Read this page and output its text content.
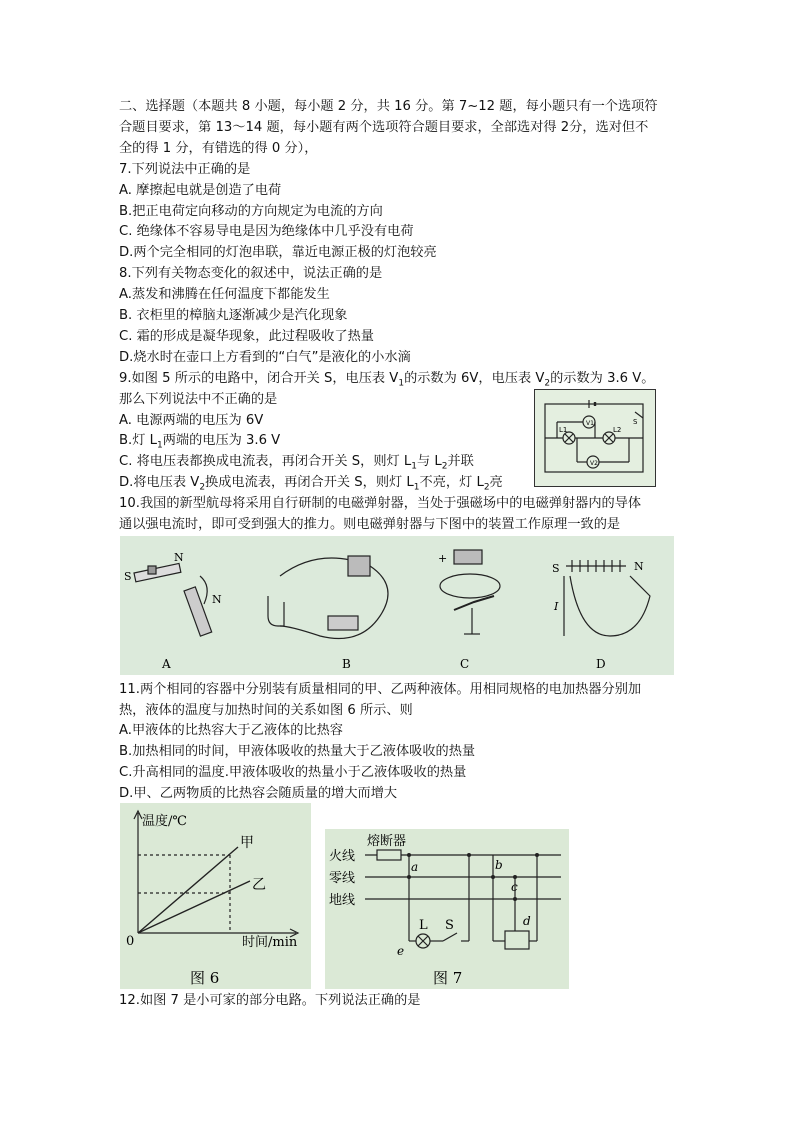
二、选择题（本题共 8 小题，每小题 2 分，共 16 分。第 7~12 题，每小题只有一个选项符
合题目要求，第 13～14 题，每小题有两个选项符合题目要求，全部选对得 2分，选对但不
全的得 1 分，有错选的得 0 分），
7.下列说法中正确的是
A. 摩擦起电就是创造了电荷
B.把正电荷定向移动的方向规定为电流的方向
C. 绝缘体不容易导电是因为绝缘体中几乎没有电荷
D.两个完全相同的灯泡串联，靠近电源正极的灯泡较亮
8.下列有关物态变化的叙述中，说法正确的是
A.蒸发和沸腾在任何温度下都能发生
B. 衣柜里的樟脑丸逐渐减少是汽化现象
C. 霜的形成是凝华现象，此过程吸收了热量
D.烧水时在壶口上方看到的“白气”是液化的小水滴
9.如图 5 所示的电路中，闭合开关 S，电压表 $V_1$的示数为 6V，电压表 $V_2$的示数为 3.6 V。
那么下列说法中不正确的是
A. 电源两端的电压为 6V
B.灯 $L_1$两端的电压为 3.6 V
C. 将电压表都换成电流表，再闭合开关 S，则灯 $L_1$与 $L_2$并联
D.将电压表 $V_2$换成电流表，再闭合开关 S，则灯 $L_1$不亮，灯 $L_2$亮
V1
V2
L1	L2
S
10.我国的新型航母将采用自行研制的电磁弹射器，当处于强磁场中的电磁弹射器内的导体
通以强电流时，即可受到强大的推力。则电磁弹射器与下图中的装置工作原理一致的是
S
N
N
A	B
+
C
S	N
I
D
11.两个相同的容器中分别装有质量相同的甲、乙两种液体。用相同规格的电加热器分别加
热，液体的温度与加热时间的关系如图 6 所示、则
A.甲液体的比热容大于乙液体的比热容
B.加热相同的时间，甲液体吸收的热量大于乙液体吸收的热量
C.升高相同的温度.甲液体吸收的热量小于乙液体吸收的热量
D.甲、乙两物质的比热容会随质量的增大而增大
温度/℃
时间/min
0
甲
乙
图 6
熔断器
火线
零线
地线
a	b
c
d
e
L S
图 7
12.如图 7 是小可家的部分电路。下列说法正确的是
